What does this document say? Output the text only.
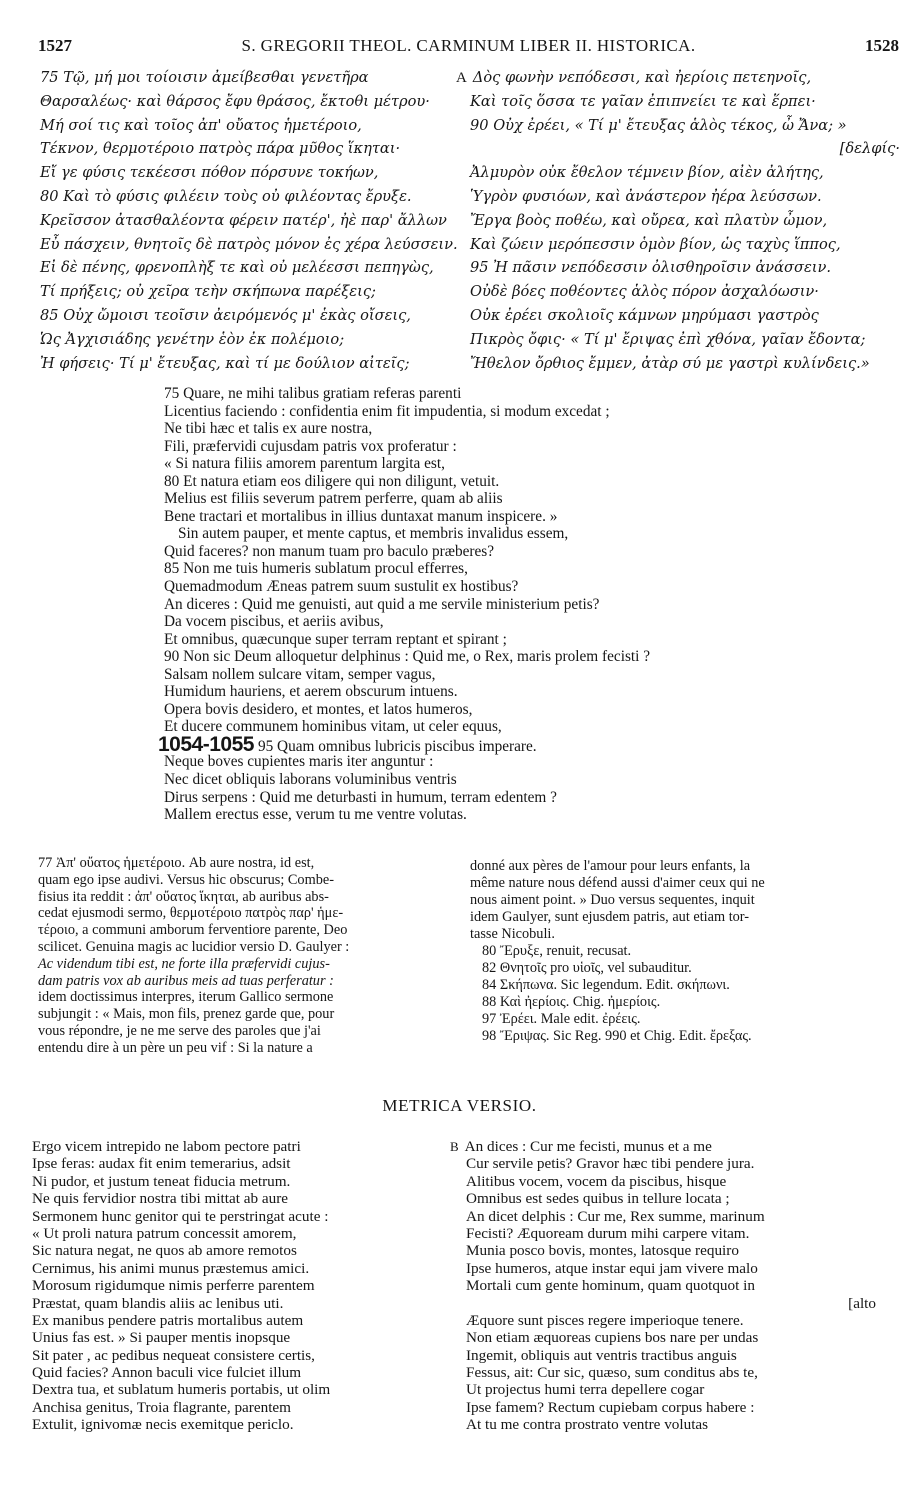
1527	S. GREGORII THEOL. CARMINUM LIBER II. HISTORICA.	1528
75 Τῷ, μή μοι τοίοισιν ἀμείβεσθαι γενετῆρα
Θαρσαλέως· καὶ θάρσος ἔφυ θράσος, ἔκτοθι μέτρου·
Μή σοί τις καὶ τοῖος ἀπ' οὔατος ἡμετέροιο,
Τέκνον, θερμοτέροιο πατρὸς πάρα μῦθος ἵκηται·
Εἴ γε φύσις τεκέεσσι πόθον πόρσυνε τοκήων,
80 Καὶ τὸ φύσις φιλέειν τοὺς οὐ φιλέοντας ἔρυξε.
Κρεῖσσον ἀτασθαλέοντα φέρειν πατέρ', ἠὲ παρ' ἄλλων
Εὖ πάσχειν, θνητοῖς δὲ πατρὸς μόνον ἐς χέρα λεύσσειν.
Εἰ δὲ πένης, φρενοπλὴξ τε καὶ οὐ μελέεσσι πεπηγὼς,
Τί πρήξεις; οὐ χεῖρα τεὴν σκήπωνα παρέξεις;
85 Οὐχ ὤμοισι τεοῖσιν ἀειρόμενός μ' ἑκὰς οἴσεις,
Ὡς Ἀγχισιάδης γενέτην ἑὸν ἐκ πολέμοιο;
Ἠ φήσεις· Τί μ' ἔτευξας, καὶ τί με δούλιον αἰτεῖς;
A Δὸς φωνὴν νεπόδεσσι, καὶ ἠερίοις πετεηνοῖς,
Καὶ τοῖς ὅσσα τε γαῖαν ἐπιπνείει τε καὶ ἕρπει·
90 Οὐχ ἐρέει, « Τί μ' ἔτευξας ἁλὸς τέκος, ὦ Ἄνα; »
[δελφίς·
Ἀλμυρὸν οὐκ ἔθελον τέμνειν βίον, αἰὲν ἀλήτης,
Ὑγρὸν φυσιόων, καὶ ἀνάστερον ἠέρα λεύσσων.
Ἔργα βοὸς ποθέω, καὶ οὔρεα, καὶ πλατὺν ὦμον,
Καὶ ζώειν μερόπεσσιν ὁμὸν βίον, ὡς ταχὺς ἵππος,
95 Ἠ πᾶσιν νεπόδεσσιν ὀλισθηροῖσιν ἀνάσσειν.
Οὐδὲ βόες ποθέοντες ἁλὸς πόρον ἀσχαλόωσιν·
Οὐκ ἐρέει σκολιοῖς κάμνων μηρύμασι γαστρὸς
Πικρὸς ὄφις· « Τί μ' ἔριψας ἐπὶ χθόνα, γαῖαν ἔδοντα;
Ἤθελον ὄρθιος ἔμμεν, ἀτὰρ σύ με γαστρὶ κυλίνδεις.»
75 Quare, ne mihi talibus gratiam referas parenti
Licentius faciendo : confidentia enim fit impudentia, si modum excedat ;
Ne tibi hæc et talis ex aure nostra,
Fili, præfervidi cujusdam patris vox proferatur :
« Si natura filiis amorem parentum largita est,
80 Et natura etiam eos diligere qui non diligunt, vetuit.
Melius est filiis severum patrem perferre, quam ab aliis
Bene tractari et mortalibus in illius duntaxat manum inspicere. »
Sin autem pauper, et mente captus, et membris invalidus essem,
Quid faceres? non manum tuam pro baculo præberes?
85 Non me tuis humeris sublatum procul efferres,
Quemadmodum Æneas patrem suum sustulit ex hostibus?
An diceres : Quid me genuisti, aut quid a me servile ministerium petis?
Da vocem piscibus, et aeriis avibus,
Et omnibus, quæcunque super terram reptant et spirant ;
90 Non sic Deum alloquetur delphinus : Quid me, o Rex, maris prolem fecisti ?
Salsam nollem sulcare vitam, semper vagus,
Humidum hauriens, et aerem obscurum intuens.
Opera bovis desidero, et montes, et latos humeros,
Et ducere communem hominibus vitam, ut celer equus,
1054-1055 95 Quam omnibus lubricis piscibus imperare.
Neque boves cupientes maris iter anguntur :
Nec dicet obliquis laborans voluminibus ventris
Dirus serpens : Quid me deturbasti in humum, terram edentem ?
Mallem erectus esse, verum tu me ventre volutas.
77 Ἀπ' οὔατος ἡμετέροιο. Ab aure nostra, id est,
quam ego ipse audivi. Versus hic obscurus; Combe-
fisius ita reddit : ἀπ' οὔατος ἵκηται, ab auribus abs-
cedat ejusmodi sermo, θερμοτέροιο πατρὸς παρ' ἡμε-
τέροιο, a communi amborum ferventiore parente, Deo
scilicet. Genuina magis ac lucidior versio D. Gaulyer :
Ac videndum tibi est, ne forte illa præfervidi cujus-
dam patris vox ab auribus meis ad tuas perferatur :
idem doctissimus interpres, iterum Gallico sermone
subjungit : « Mais, mon fils, prenez garde que, pour
vous répondre, je ne me serve des paroles que j'ai
entendu dire à un père un peu vif : Si la nature a
donné aux pères de l'amour pour leurs enfants, la
même nature nous défend aussi d'aimer ceux qui ne
nous aiment point. » Duo versus sequentes, inquit
idem Gaulyer, sunt ejusdem patris, aut etiam tor-
tasse Nicobuli.
80 Ἔρυξε, renuit, recusat.
82 Θνητοῖς pro υἱοῖς, vel subauditur.
84 Σκήπωνα. Sic legendum. Edit. σκήπωνι.
88 Καὶ ἠερίοις. Chig. ἠμερίοις.
97 Ἐρέει. Male edit. ἐρέεις.
98 Ἔριψας. Sic Reg. 990 et Chig. Edit. ἔρεξας.
METRICA VERSIO.
Ergo vicem intrepido ne labom pectore patri
Ipse feras: audax fit enim temerarius, adsit
Ni pudor, et justum teneat fiducia metrum.
Ne quis fervidior nostra tibi mittat ab aure
Sermonem hunc genitor qui te perstringat acute :
« Ut proli natura patrum concessit amorem,
Sic natura negat, ne quos ab amore remotos
Cernimus, his animi munus præstemus amici.
Morosum rigidumque nimis perferre parentem
Præstat, quam blandis aliis ac lenibus uti.
Ex manibus pendere patris mortalibus autem
Unius fas est. » Si pauper mentis inopsque
Sit pater , ac pedibus nequeat consistere certis,
Quid facies? Annon baculi vice fulciet illum
Dextra tua, et sublatum humeris portabis, ut olim
Anchisa genitus, Troia flagrante, parentem
Extulit, ignivomæ necis exemitque periclo.
B An dices : Cur me fecisti, munus et a me
Cur servile petis? Gravor hæc tibi pendere jura.
Alitibus vocem, vocem da piscibus, hisque
Omnibus est sedes quibus in tellure locata ;
An dicet delphis : Cur me, Rex summe, marinum
Fecisti? Æquoream durum mihi carpere vitam.
Munia posco bovis, montes, latosque requiro
Ipse humeros, atque instar equi jam vivere malo
Mortali cum gente hominum, quam quotquot in
[alto
Æquore sunt pisces regere imperioque tenere.
Non etiam æquoreas cupiens bos nare per undas
Ingemit, obliquis aut ventris tractibus anguis
Fessus, ait: Cur sic, quæso, sum conditus abs te,
Ut projectus humi terra depellere cogar
Ipse famem? Rectum cupiebam corpus habere :
At tu me contra prostrato ventre volutas
